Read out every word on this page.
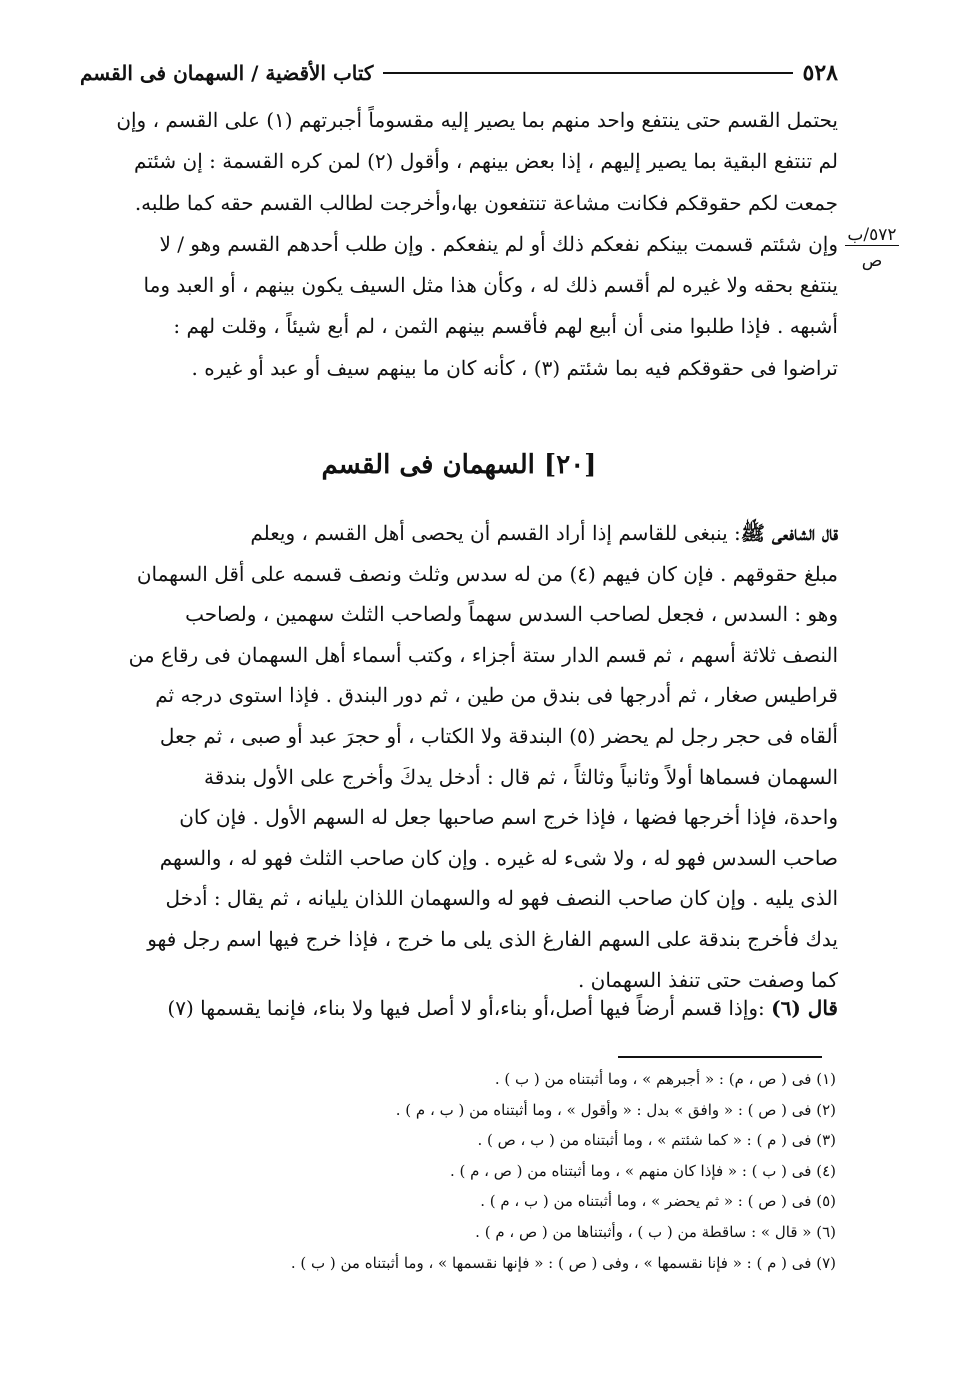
٥٢٨
كتاب الأقضية / السهمان فى القسم
٥٧٢/ب
ص

يحتمل القسم حتى ينتفع واحد منهم بما يصير إليه مقسوماً أجبرتهم (١) على القسم ، وإن

لم تنتفع البقية بما يصير إليهم ، إذا بعض بينهم ، وأقول (٢) لمن كره القسمة : إن شئتم

جمعت لكم حقوقكم فكانت مشاعة تنتفعون بها،وأخرجت لطالب القسم حقه كما طلبه.

وإن شئتم قسمت بينكم نفعكم ذلك أو لم ينفعكم . وإن طلب أحدهم القسم وهو / لا

ينتفع بحقه ولا غيره لم أقسم ذلك له ، وكأن هذا مثل السيف يكون بينهم ، أو العبد وما

أشبهه . فإذا طلبوا منى أن أبيع لهم فأقسم بينهم الثمن ، لم أبع شيئاً ، وقلت لهم :

تراضوا فى حقوقكم فيه بما شئتم (٣) ، كأنه كان ما بينهم سيف أو عبد أو غيره .

[٢٠] السهمان فى القسم

قال الشافعى ﷺ: ينبغى للقاسم إذا أراد القسم أن يحصى أهل القسم ، ويعلم

مبلغ حقوقهم . فإن كان فيهم (٤) من له سدس وثلث ونصف قسمه على أقل السهمان

وهو : السدس ، فجعل لصاحب السدس سهماً ولصاحب الثلث سهمين ، ولصاحب

النصف ثلاثة أسهم ، ثم قسم الدار ستة أجزاء ، وكتب أسماء أهل السهمان فى رقاع من

قراطيس صغار ، ثم أدرجها فى بندق من طين ، ثم دور البندق . فإذا استوى درجه ثم

ألقاه فى حجر رجل لم يحضر (٥) البندقة ولا الكتاب ، أو حجرَ عبد أو صبى ، ثم جعل

السهمان فسماها أولاً وثانياً وثالثاً ، ثم قال : أدخل يدكَ وأخرج على الأول بندقة

واحدة، فإذا أخرجها فضها ، فإذا خرج اسم صاحبها جعل له السهم الأول . فإن كان

صاحب السدس فهو له ، ولا شىء له غيره . وإن كان صاحب الثلث فهو له ، والسهم

الذى يليه . وإن كان صاحب النصف فهو له والسهمان اللذان يليانه ، ثم يقال : أدخل

يدك فأخرج بندقة على السهم الفارغ الذى يلى ما خرج ، فإذا خرج فيها اسم رجل فهو

كما وصفت حتى تنفذ السهمان .

قال (٦) :وإذا قسم أرضاً فيها أصل،أو بناء،أو لا أصل فيها ولا بناء، فإنما يقسمها (٧)

(١) فى ( ص ، م) : « أجبرهم » ، وما أثبتناه من ( ب ) .

(٢) فى ( ص ) : « وافق » بدل : « وأقول » ، وما أثبتناه من ( ب ، م ) .

(٣) فى ( م ) : « كما شئتم » ، وما أثبتناه من ( ب ، ص ) .

(٤) فى ( ب ) : « فإذا كان منهم » ، وما أثبتناه من ( ص ، م ) .

(٥) فى ( ص ) : « ثم يحضر » ، وما أثبتناه من ( ب ، م ) .

(٦) « قال » : ساقطة من ( ب ) ، وأثبتناها من ( ص ، م ) .

(٧) فى ( م ) : « فإنا نقسمها » ، وفى ( ص ) : « فإنها نقسمها » ، وما أثبتناه من ( ب ) .
